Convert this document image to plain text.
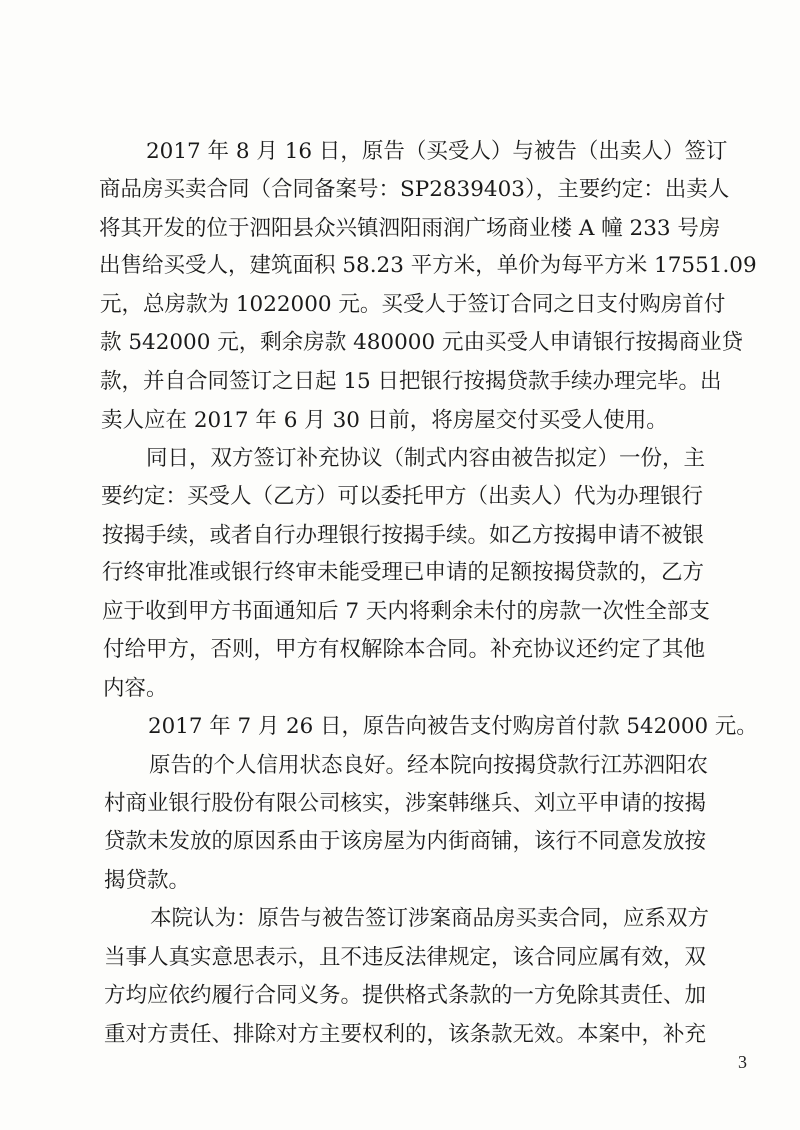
2017 年 8 月 16 日，原告（买受人）与被告（出卖人）签订
商品房买卖合同（合同备案号：SP2839403），主要约定：出卖人
将其开发的位于泗阳县众兴镇泗阳雨润广场商业楼 A 幢 233 号房
出售给买受人，建筑面积 58.23 平方米，单价为每平方米 17551.09
元，总房款为 1022000 元。买受人于签订合同之日支付购房首付
款 542000 元，剩余房款 480000 元由买受人申请银行按揭商业贷
款，并自合同签订之日起 15 日把银行按揭贷款手续办理完毕。出
卖人应在 2017 年 6 月 30 日前，将房屋交付买受人使用。
同日，双方签订补充协议（制式内容由被告拟定）一份，主
要约定：买受人（乙方）可以委托甲方（出卖人）代为办理银行
按揭手续，或者自行办理银行按揭手续。如乙方按揭申请不被银
行终审批准或银行终审未能受理已申请的足额按揭贷款的，乙方
应于收到甲方书面通知后 7 天内将剩余未付的房款一次性全部支
付给甲方，否则，甲方有权解除本合同。补充协议还约定了其他
内容。
2017 年 7 月 26 日，原告向被告支付购房首付款 542000 元。
原告的个人信用状态良好。经本院向按揭贷款行江苏泗阳农
村商业银行股份有限公司核实，涉案韩继兵、刘立平申请的按揭
贷款未发放的原因系由于该房屋为内街商铺，该行不同意发放按
揭贷款。
本院认为：原告与被告签订涉案商品房买卖合同，应系双方
当事人真实意思表示，且不违反法律规定，该合同应属有效，双
方均应依约履行合同义务。提供格式条款的一方免除其责任、加
重对方责任、排除对方主要权利的，该条款无效。本案中，补充
3
